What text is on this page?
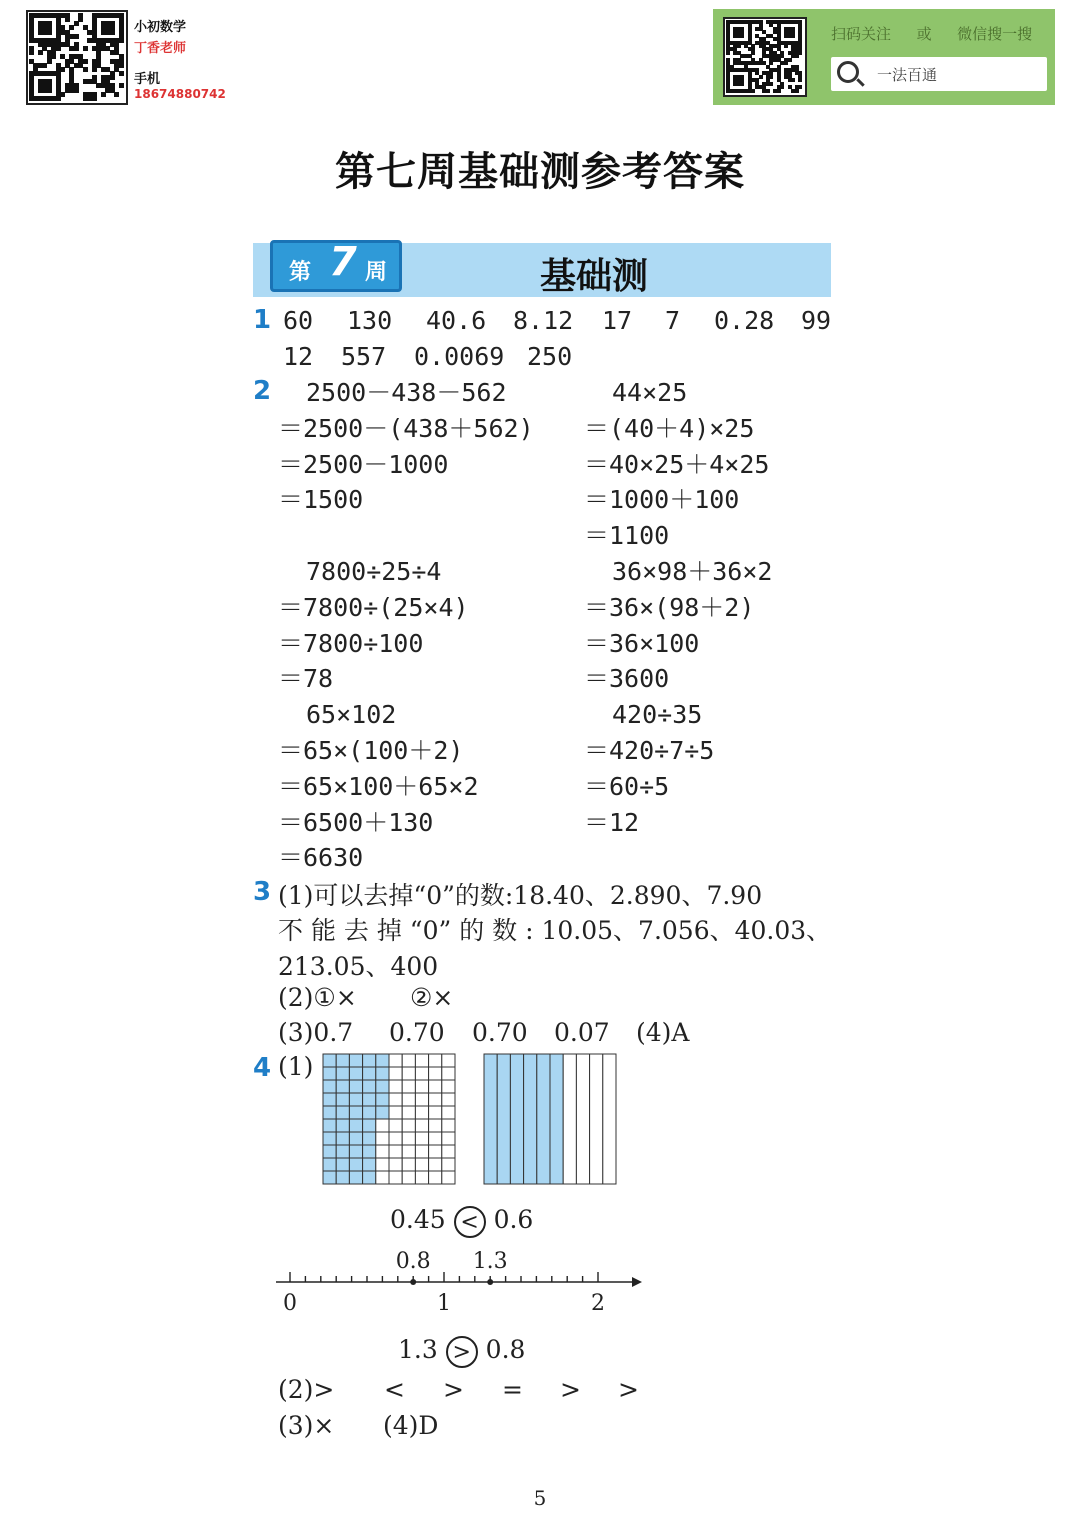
小初数学
丁香老师
手机
18674880742
扫码关注 或 微信搜一搜
一法百通
第七周基础测参考答案
第 7 周	基础测
1 60 130 40.6 8.12 17 7 0.28 99
12 557 0.0069 250
2	2500－438－562
＝2500－(438＋562)
＝2500－1000
＝1500
7800÷25÷4
＝7800÷(25×4)
＝7800÷100
＝78
65×102
＝65×(100＋2)
＝65×100＋65×2
＝6500＋130
＝6630
44×25
＝(40＋4)×25
＝40×25＋4×25
＝1000＋100
＝1100
36×98＋36×2
＝36×(98＋2)
＝36×100
＝3600
420÷35
＝420÷7÷5
＝60÷5
＝12
3 (1)可以去掉“0”的数:18.40、2.890、7.90
不 能 去 掉 “0” 的 数 : 10.05、7.056、40.03、
213.05、400
(2)①× ②×
(3)0.7 0.70 0.70 0.07 (4)A
4 (1)
0.45 < 0.6
0	1	2
0.8 1.3
1.3 > 0.8
(2)> < > = > >
(3)× (4)D
5
